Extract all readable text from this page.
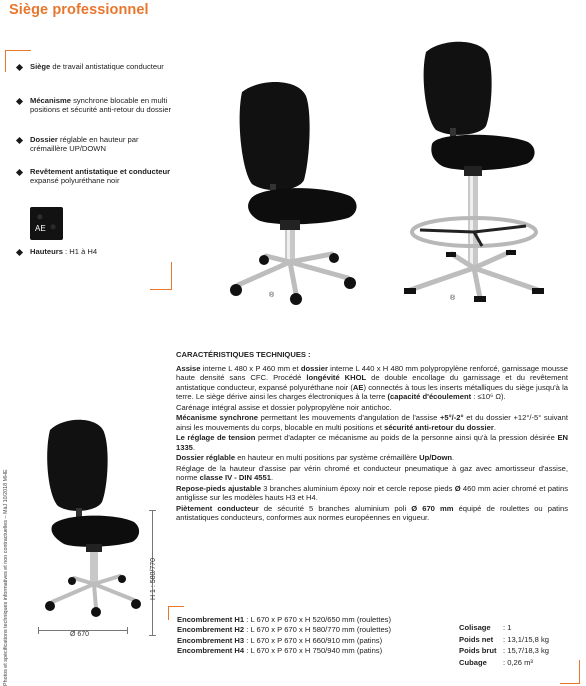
Siège professionnel
Siège de travail antistatique conducteur
Mécanisme synchrone blocable en multi positions et sécurité anti-retour du dossier
Dossier réglable en hauteur par crémaillère UP/DOWN
Revêtement antistatique et conducteur
expansé polyuréthane noir
Hauteurs : H1 à H4
AE
®	®

CARACTÉRISTIQUES TECHNIQUES :

Assise interne L 480 x P 460 mm et dossier interne L 440 x H 480 mm polypropylène renforcé, garnissage mousse haute densité sans CFC. Procédé longévité KHOL de double encollage du garnissage et du revêtement antistatique conducteur, expansé polyuréthane noir (AE) connectés à tous les inserts métalliques du siège jusqu'à la terre. Le siège dérive ainsi les charges électroniques à la terre (capacité d'écoulement : ≤10⁶ Ω).

Carénage intégral assise et dossier polypropylène noir antichoc.

Mécanisme synchrone permettant les mouvements d'angulation de l'assise +5°/-2° et du dossier +12°/-5° suivant ainsi les mouvements du corps, blocable en multi positions et sécurité anti-retour du dossier.

Le réglage de tension permet d'adapter ce mécanisme au poids de la personne ainsi qu'à la pression désirée EN 1335.

Dossier réglable en hauteur en multi positions par système crémaillère Up/Down.

Réglage de la hauteur d'assise par vérin chromé et conducteur pneumatique à gaz avec amortisseur d'assise, norme classe IV - DIN 4551.

Repose-pieds ajustable 3 branches aluminium époxy noir et cercle repose pieds Ø 460 mm acier chromé et patins antiglisse sur les modèles hauts H3 et H4.

Piètement conducteur de sécurité 5 branches aluminium poli Ø 670 mm équipé de roulettes ou patins antistatiques conducteurs, conformes aux normes européennes en vigueur.

Photos et spécifications techniques informatives et non contractuelles – MàJ 10/2018 MHE	H 1 : 580/770
Ø 670
Encombrement H1 : L 670 x P 670 x H 520/650 mm (roulettes)
Encombrement H2 : L 670 x P 670 x H 580/770 mm (roulettes)
Encombrement H3 : L 670 x P 670 x H 660/910 mm (patins)
Encombrement H4 : L 670 x P 670 x H 750/940 mm (patins)
Colisage : 1
Poids net : 13,1/15,8 kg
Poids brut : 15,7/18,3 kg
Cubage : 0,26 m³
